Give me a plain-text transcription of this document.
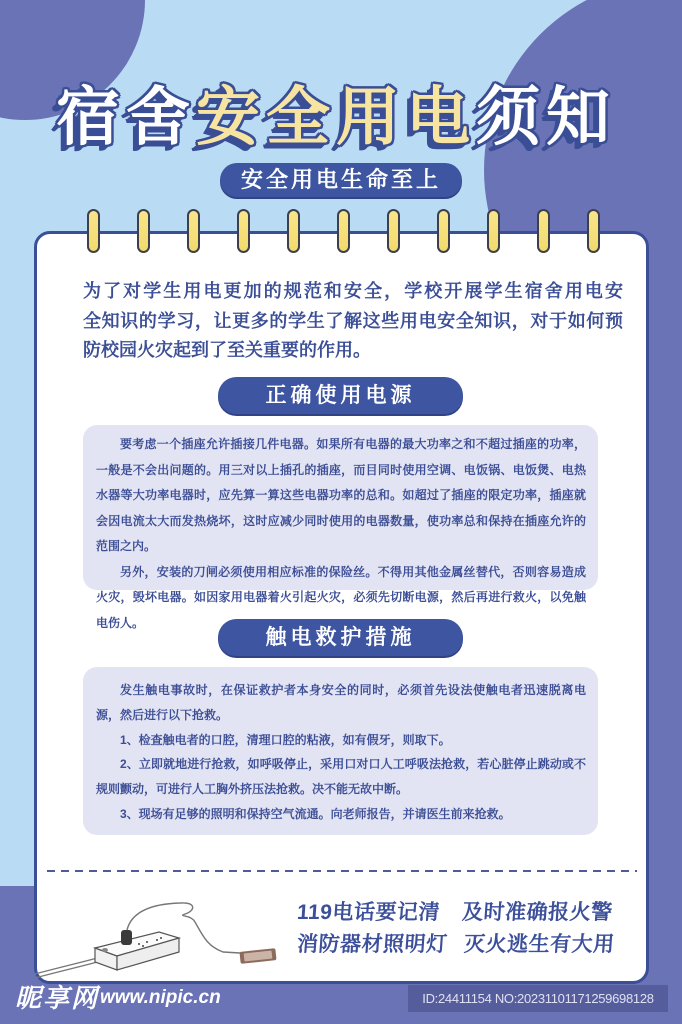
宿舍安全用电须知
安全用电生命至上
为了对学生用电更加的规范和安全，学校开展学生宿舍用电安
全知识的学习，让更多的学生了解这些用电安全知识，对于如何预
防校园火灾起到了至关重要的作用。
正确使用电源
要考虑一个插座允许插接几件电器。如果所有电器的最大功率之和不超过插座的功率，
一般是不会出问题的。用三对以上插孔的插座，而目同时使用空调、电饭锅、电饭煲、电热
水器等大功率电器时，应先算一算这些电器功率的总和。如超过了插座的限定功率，插座就
会因电流太大而发热烧坏，这时应减少同时使用的电器数量，使功率总和保持在插座允许的
范围之内。
另外，安装的刀闸必须使用相应标准的保险丝。不得用其他金属丝替代，否则容易造成
火灾，毁坏电器。如因家用电器着火引起火灾，必须先切断电源，然后再进行救火，以免触
电伤人。
触电救护措施
发生触电事故时，在保证救护者本身安全的同时，必须首先设法使触电者迅速脱离电
源，然后进行以下抢救。
1、检查触电者的口腔，清理口腔的粘液，如有假牙，则取下。
2、立即就地进行抢救，如呼吸停止，采用口对口人工呼吸法抢救，若心脏停止跳动或不
规则颤动，可进行人工胸外挤压法抢救。决不能无故中断。
3、现场有足够的照明和保持空气流通。向老师报告，并请医生前来抢救。
119电话要记清 及时准确报火警
消防器材照明灯 灭火逃生有大用
昵享网 www.nipic.cn	ID:24411154 NO:20231101171259698128
